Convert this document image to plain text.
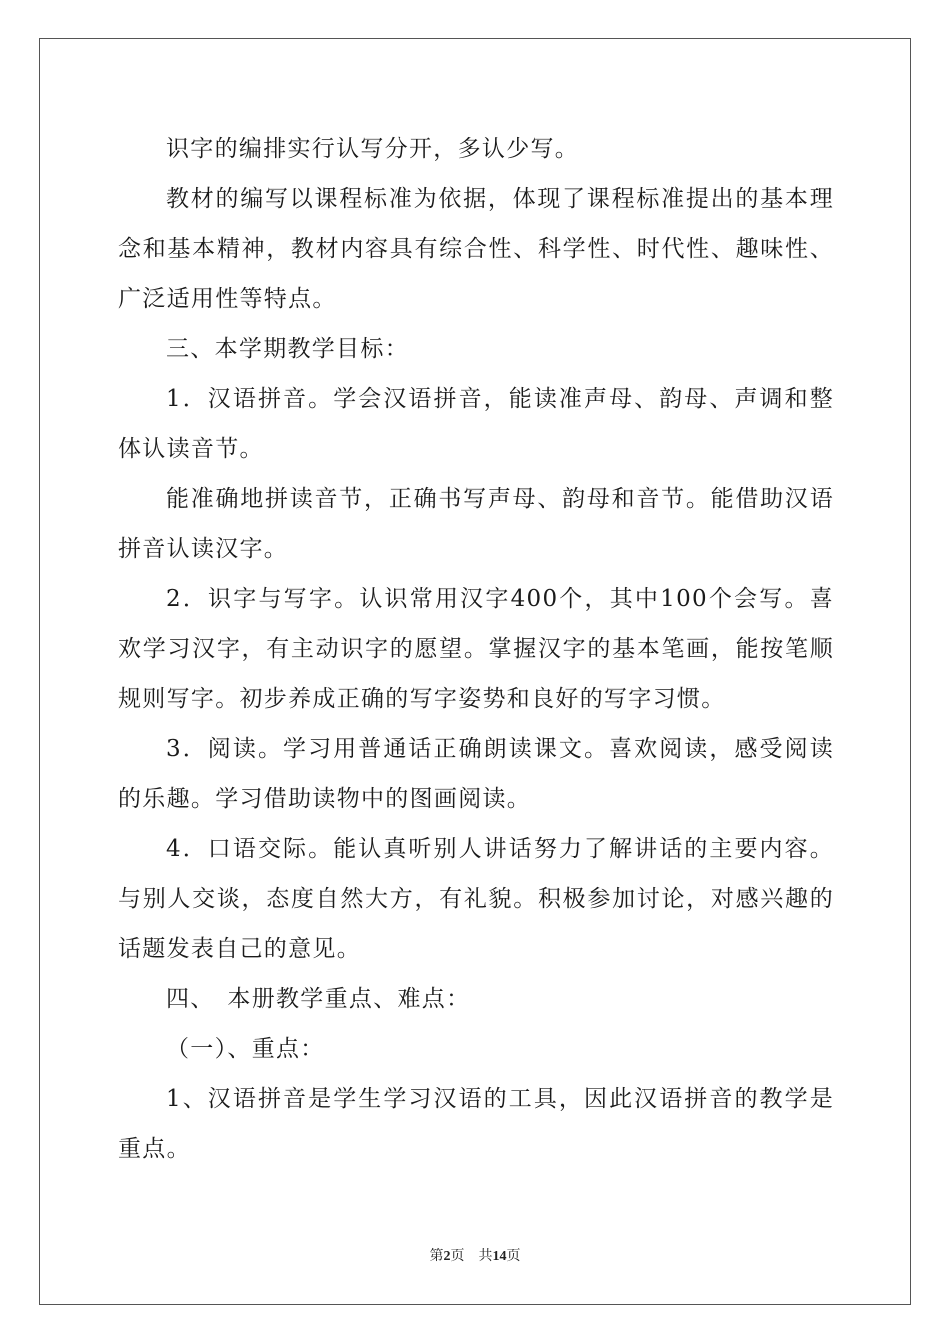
识字的编排实行认写分开，多认少写。

教材的编写以课程标准为依据，体现了课程标准提出的基本理念和基本精神，教材内容具有综合性、科学性、时代性、趣味性、广泛适用性等特点。

三、本学期教学目标：

1．汉语拼音。学会汉语拼音，能读准声母、韵母、声调和整体认读音节。

能准确地拼读音节，正确书写声母、韵母和音节。能借助汉语拼音认读汉字。

2．识字与写字。认识常用汉字400个，其中100个会写。喜欢学习汉字，有主动识字的愿望。掌握汉字的基本笔画，能按笔顺规则写字。初步养成正确的写字姿势和良好的写字习惯。

3．阅读。学习用普通话正确朗读课文。喜欢阅读，感受阅读的乐趣。学习借助读物中的图画阅读。

4．口语交际。能认真听别人讲话努力了解讲话的主要内容。与别人交谈，态度自然大方，有礼貌。积极参加讨论，对感兴趣的话题发表自己的意见。

四、　本册教学重点、难点：

（一）、重点：

1、汉语拼音是学生学习汉语的工具，因此汉语拼音的教学是重点。

第2页 共14页
